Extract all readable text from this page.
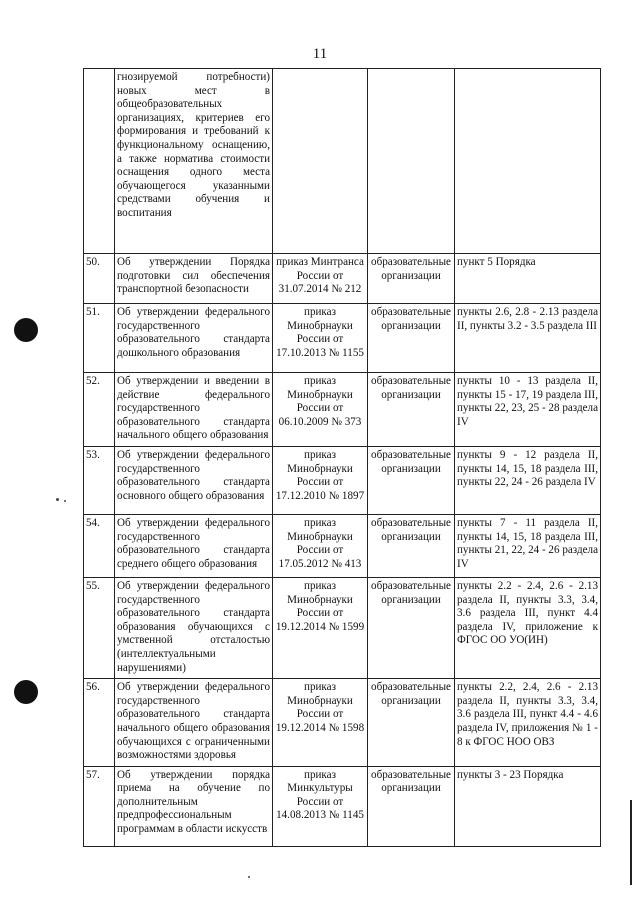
11
	гнозируемой потребности) новых мест в общеобразовательных организациях, критериев его формирования и требований к функциональному оснащению, а также норматива стоимости оснащения одного места обучающегося указанными средствами обучения и воспитания			
50.	Об утверждении Порядка подготовки сил обеспечения транспортной безопасности	приказ Минтранса России от 31.07.2014 № 212	образовательные организации	пункт 5 Порядка
51.	Об утверждении федерального государственного образовательного стандарта дошкольного образования	приказ Минобрнауки России от 17.10.2013 № 1155	образовательные организации	пункты 2.6, 2.8 - 2.13 раздела II, пункты 3.2 - 3.5 раздела III
52.	Об утверждении и введении в действие федерального государственного образовательного стандарта начального общего образования	приказ Минобрнауки России от 06.10.2009 № 373	образовательные организации	пункты 10 - 13 раздела II, пункты 15 - 17, 19 раздела III, пункты 22, 23, 25 - 28 раздела IV
53.	Об утверждении федерального государственного образовательного стандарта основного общего образования	приказ Минобрнауки России от 17.12.2010 № 1897	образовательные организации	пункты 9 - 12 раздела II, пункты 14, 15, 18 раздела III, пункты 22, 24 - 26 раздела IV
54.	Об утверждении федерального государственного образовательного стандарта среднего общего образования	приказ Минобрнауки России от 17.05.2012 № 413	образовательные организации	пункты 7 - 11 раздела II, пункты 14, 15, 18 раздела III, пункты 21, 22, 24 - 26 раздела IV
55.	Об утверждении федерального государственного образовательного стандарта образования обучающихся с умственной отсталостью (интеллектуальными нарушениями)	приказ Минобрнауки России от 19.12.2014 № 1599	образовательные организации	пункты 2.2 - 2.4, 2.6 - 2.13 раздела II, пункты 3.3, 3.4, 3.6 раздела III, пункт 4.4 раздела IV, приложение к ФГОС ОО УО(ИН)
56.	Об утверждении федерального государственного образовательного стандарта начального общего образования обучающихся с ограниченными возможностями здоровья	приказ Минобрнауки России от 19.12.2014 № 1598	образовательные организации	пункты 2.2, 2.4, 2.6 - 2.13 раздела II, пункты 3.3, 3.4, 3.6 раздела III, пункт 4.4 - 4.6 раздела IV, приложения № 1 - 8 к ФГОС НОО ОВЗ
57.	Об утверждении порядка приема на обучение по дополнительным предпрофессиональным программам в области искусств	приказ Минкультуры России от 14.08.2013 № 1145	образовательные организации	пункты 3 - 23 Порядка
